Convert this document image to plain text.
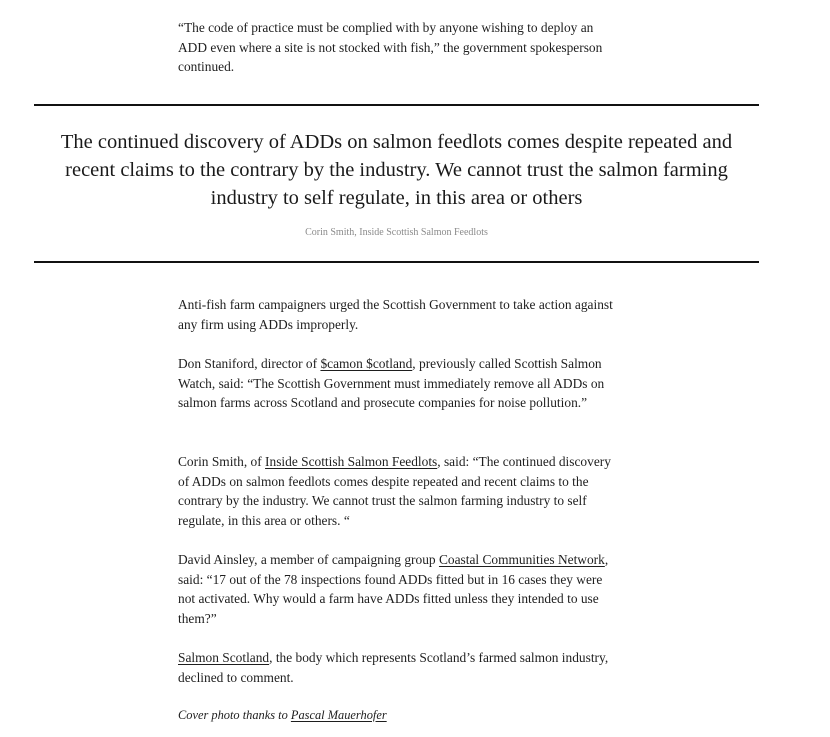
“The code of practice must be complied with by anyone wishing to deploy an ADD even where a site is not stocked with fish,” the government spokesperson continued.

The continued discovery of ADDs on salmon feedlots comes despite repeated and recent claims to the contrary by the industry. We cannot trust the salmon farming industry to self regulate, in this area or others
Corin Smith, Inside Scottish Salmon Feedlots

Anti-fish farm campaigners urged the Scottish Government to take action against any firm using ADDs improperly.

Don Staniford, director of $camon $cotland, previously called Scottish Salmon Watch, said: “The Scottish Government must immediately remove all ADDs on salmon farms across Scotland and prosecute companies for noise pollution.”

Corin Smith, of Inside Scottish Salmon Feedlots, said: “The continued discovery of ADDs on salmon feedlots comes despite repeated and recent claims to the contrary by the industry. We cannot trust the salmon farming industry to self regulate, in this area or others. “

David Ainsley, a member of campaigning group Coastal Communities Network, said: “17 out of the 78 inspections found ADDs fitted but in 16 cases they were not activated. Why would a farm have ADDs fitted unless they intended to use them?”

Salmon Scotland, the body which represents Scotland’s farmed salmon industry, declined to comment.

Cover photo thanks to Pascal Mauerhofer
